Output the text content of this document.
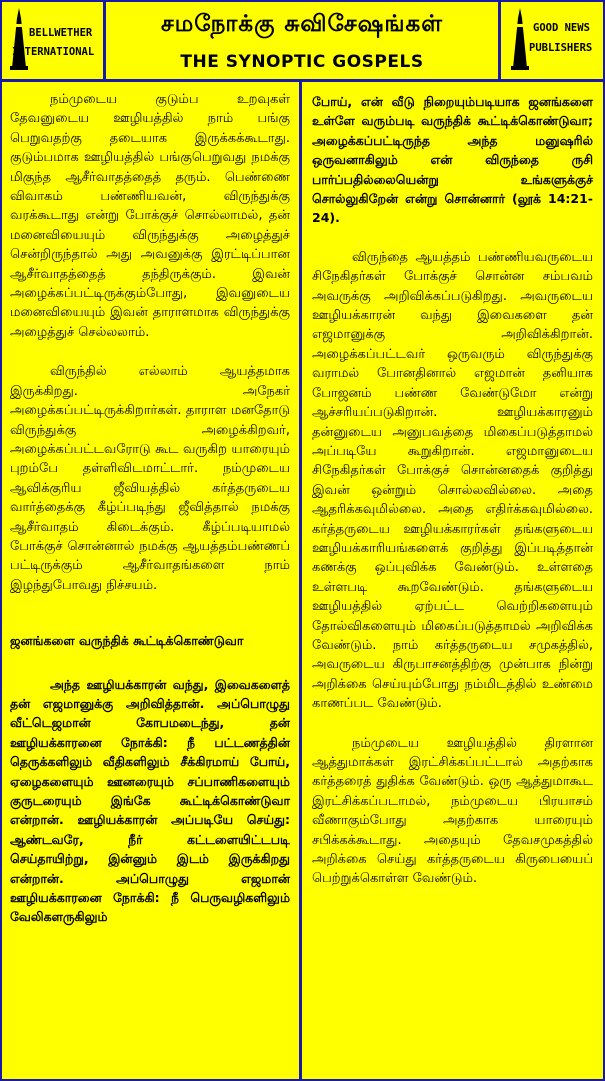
BELLWETHER
INTERNATIONAL
சமநோக்கு சுவிசேஷங்கள்
THE SYNOPTIC GOSPELS
GOOD NEWS
PUBLISHERS

நம்முடைய குடும்ப உறவுகள் தேவனுடைய ஊழியத்தில் நாம் பங்கு பெறுவதற்கு தடையாக இருக்கக்கூடாது. குடும்பமாக ஊழியத்தில் பங்குபெறுவது நமக்கு மிகுந்த ஆசீர்வாதத்தைத் தரும். பெண்ணை விவாகம் பண்ணியவன், விருந்துக்கு வரக்கூடாது என்று போக்குச் சொல்லாமல், தன் மனைவியையும் விருந்துக்கு அழைத்துச் சென்றிருந்தால் அது அவனுக்கு இரட்டிப்பான ஆசீர்வாதத்தைத் தந்திருக்கும். இவன் அழைக்கப்பட்டிருக்கும்போது, இவனுடைய மனைவியையும் இவன் தாராளமாக விருந்துக்கு அழைத்துச் செல்லலாம்.

விருந்தில் எல்லாம் ஆயத்தமாக இருக்கிறது. அநேகர் அழைக்கப்பட்டிருக்கிறார்கள். தாராள மனதோடு விருந்துக்கு அழைக்கிறவர், அழைக்கப்பட்டவரோடு கூட வருகிற யாரையும் புறம்பே தள்ளிவிடமாட்டார். நம்முடைய ஆவிக்குரிய ஜீவியத்தில் கர்த்தருடைய வார்த்தைக்கு கீழ்ப்படிந்து ஜீவித்தால் நமக்கு ஆசீர்வாதம் கிடைக்கும். கீழ்ப்படியாமல் போக்குச் சொன்னால் நமக்கு ஆயத்தம்பண்ணப் பட்டிருக்கும் ஆசீர்வாதங்களை நாம் இழந்துபோவது நிச்சயம்.

ஜனங்களை வருந்திக் கூட்டிக்கொண்டுவா

அந்த ஊழியக்காரன் வந்து, இவைகளைத் தன் எஜமானுக்கு அறிவித்தான். அப்பொழுது வீட்டெஜமான் கோபமடைந்து, தன் ஊழியக்காரனை நோக்கி: நீ பட்டணத்தின் தெருக்களிலும் வீதிகளிலும் சீக்கிரமாய் போய், ஏழைகளையும் ஊனரையும் சப்பாணிகளையும் குருடரையும் இங்கே கூட்டிக்கொண்டுவா என்றான். ஊழியக்காரன் அப்படியே செய்து: ஆண்டவரே, நீர் கட்டளையிட்டபடி செய்தாயிற்று, இன்னும் இடம் இருக்கிறது என்றான். அப்பொழுது எஜமான் ஊழியக்காரனை நோக்கி: நீ பெருவழிகளிலும் வேலிகளருகிலும்

போய், என் வீடு நிறையும்படியாக ஜனங்களை உள்ளே வரும்படி வருந்திக் கூட்டிக்கொண்டுவா; அழைக்கப்பட்டிருந்த அந்த மனுஷரில் ஒருவனாகிலும் என் விருந்தை ருசி பார்ப்பதில்லையென்று உங்களுக்குச் சொல்லுகிறேன் என்று சொன்னார் (லூக் 14:21-24).

விருந்தை ஆயத்தம் பண்ணியவருடைய சிநேகிதர்கள் போக்குச் சொன்ன சம்பவம் அவருக்கு அறிவிக்கப்படுகிறது. அவருடைய ஊழியக்காரன் வந்து இவைகளை தன் எஜமானுக்கு அறிவிக்கிறான். அழைக்கப்பட்டவர் ஒருவரும் விருந்துக்கு வராமல் போனதினால் எஜமான் தனியாக போஜனம் பண்ண வேண்டுமோ என்று ஆச்சரியப்படுகிறான். ஊழியக்காரனும் தன்னுடைய அனுபவத்தை மிகைப்படுத்தாமல் அப்படியே கூறுகிறான். எஜமானுடைய சிநேகிதர்கள் போக்குச் சொன்னதைக் குறித்து இவன் ஒன்றும் சொல்லவில்லை. அதை ஆதரிக்கவுமில்லை. அதை எதிர்க்கவுமில்லை. கர்த்தருடைய ஊழியக்காரர்கள் தங்களுடைய ஊழியக்காரியங்களைக் குறித்து இப்படித்தான் கணக்கு ஒப்புவிக்க வேண்டும். உள்ளதை உள்ளபடி கூறவேண்டும். தங்களுடைய ஊழியத்தில் ஏற்பட்ட வெற்றிகளையும் தோல்விகளையும் மிகைப்படுத்தாமல் அறிவிக்க வேண்டும். நாம் கர்த்தருடைய சமுகத்தில், அவருடைய கிருபாசனத்திற்கு முன்பாக நின்று அறிக்கை செய்யும்போது நம்மிடத்தில் உண்மை காணப்பட வேண்டும்.

நம்முடைய ஊழியத்தில் திரளான ஆத்துமாக்கள் இரட்சிக்கப்பட்டால் அதற்காக கர்த்தரைத் துதிக்க வேண்டும். ஒரு ஆத்துமாகூட இரட்சிக்கப்படாமல், நம்முடைய பிரயாசம் வீணாகும்போது அதற்காக யாரையும் சபிக்கக்கூடாது. அதையும் தேவசமுகத்தில் அறிக்கை செய்து கர்த்தருடைய கிருபையைப் பெற்றுக்கொள்ள வேண்டும்.
